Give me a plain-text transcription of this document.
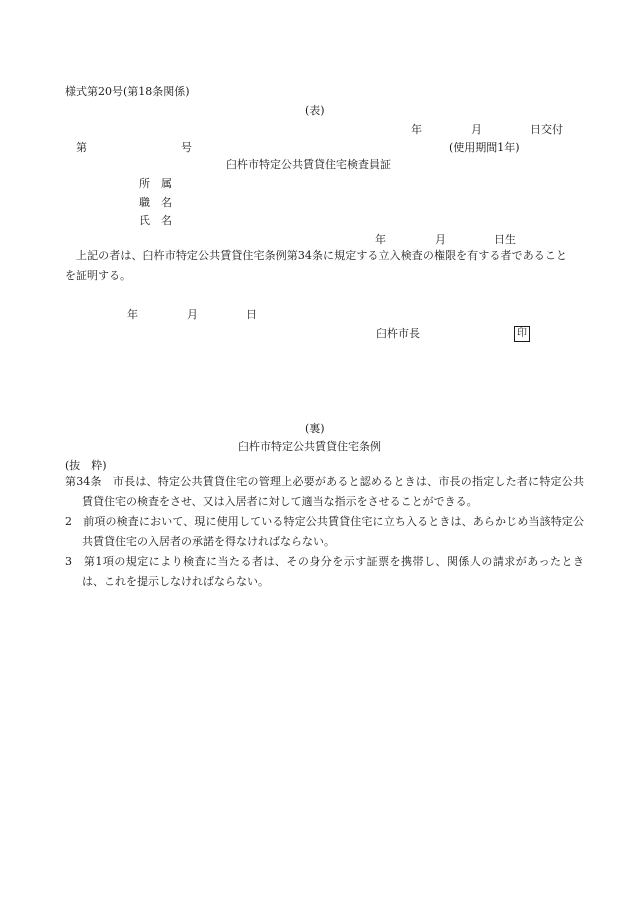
様式第20号(第18条関係)
(表)
年	月	日交付
第	号	(使用期間1年)
臼杵市特定公共賃貸住宅検査員証
所　属
職　名
氏　名
年	月	日生
上記の者は、臼杵市特定公共賃貸住宅条例第34条に規定する立入検査の権限を有する者であることを証明する。
年	月	日
臼杵市長	印
(裏)
臼杵市特定公共賃貸住宅条例
(抜　粋)
第34条　市長は、特定公共賃貸住宅の管理上必要があると認めるときは、市長の指定した者に特定公共賃貸住宅の検査をさせ、又は入居者に対して適当な指示をさせることができる。
2　前項の検査において、現に使用している特定公共賃貸住宅に立ち入るときは、あらかじめ当該特定公共賃貸住宅の入居者の承諾を得なければならない。
3　第1項の規定により検査に当たる者は、その身分を示す証票を携帯し、関係人の請求があったときは、これを提示しなければならない。
